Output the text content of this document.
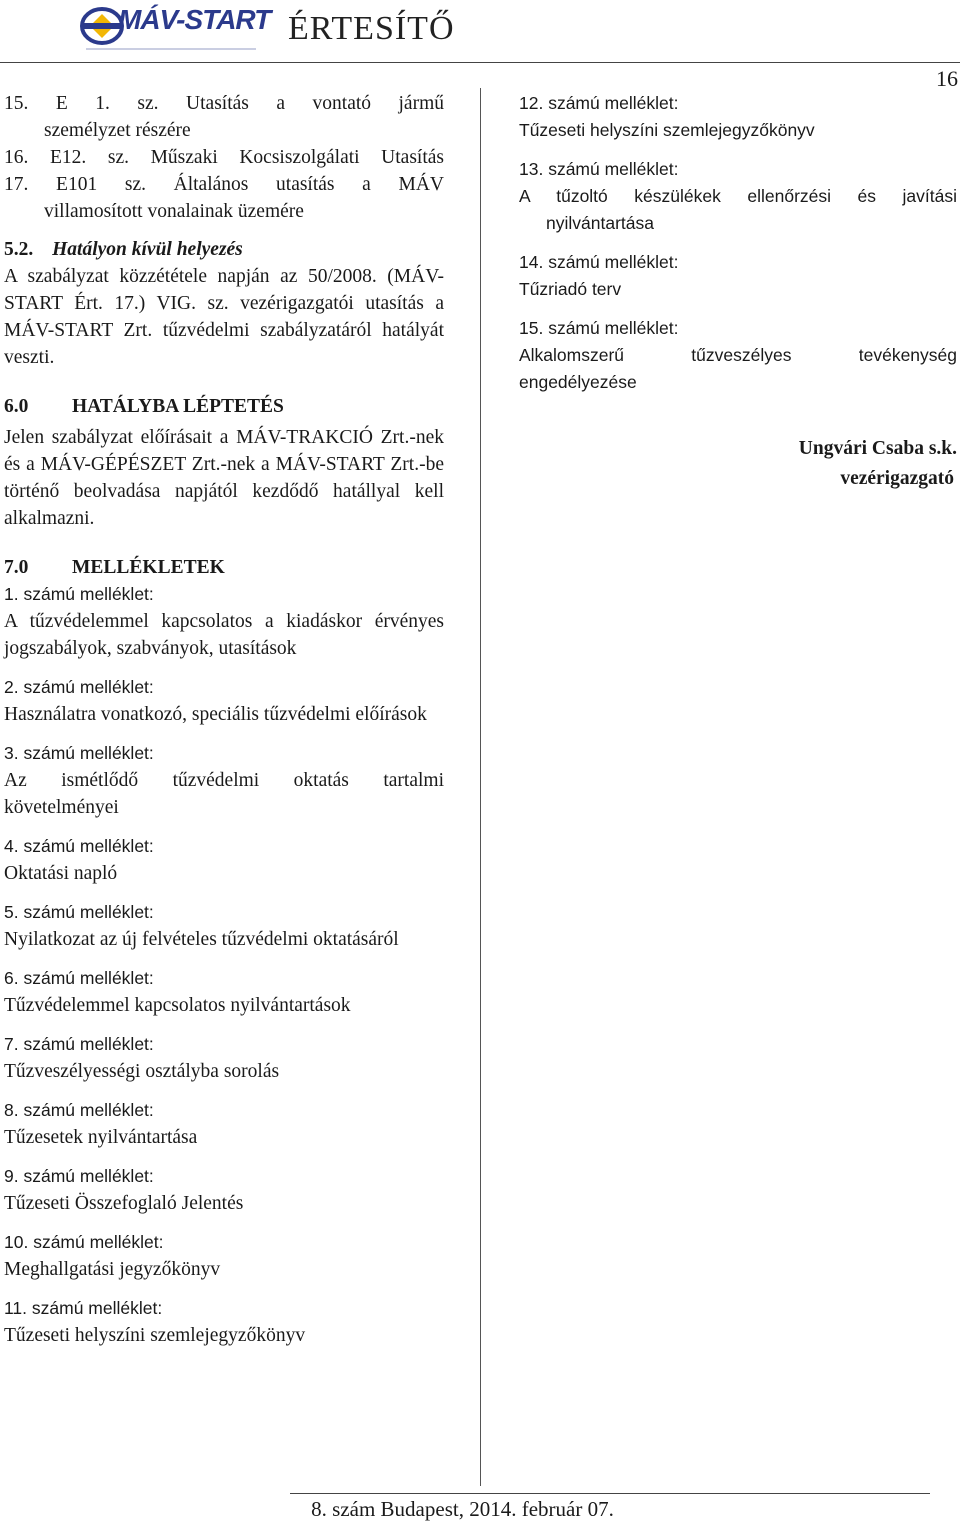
MÁV-START ÉRTESÍTŐ
16
15. E 1. sz. Utasítás a vontató jármű
személyzet részére
16. E12. sz. Műszaki Kocsiszolgálati Utasítás
17. E101 sz. Általános utasítás a MÁV
villamosított vonalainak üzemére
5.2. Hatályon kívül helyezés
A szabályzat közzététele napján az 50/2008. (MÁV-START Ért. 17.) VIG. sz. vezérigazgatói utasítás a MÁV-START Zrt. tűzvédelmi szabályzatáról hatályát veszti.
6.0 HATÁLYBA LÉPTETÉS
Jelen szabályzat előírásait a MÁV-TRAKCIÓ Zrt.-nek és a MÁV-GÉPÉSZET Zrt.-nek a MÁV-START Zrt.-be történő beolvadása napjától kezdődő hatállyal kell alkalmazni.
7.0 MELLÉKLETEK
1. számú melléklet:
A tűzvédelemmel kapcsolatos a kiadáskor érvényes jogszabályok, szabványok, utasítások
2. számú melléklet:
Használatra vonatkozó, speciális tűzvédelmi előírások
3. számú melléklet:
Az ismétlődő tűzvédelmi oktatás tartalmi követelményei
4. számú melléklet:
Oktatási napló
5. számú melléklet:
Nyilatkozat az új felvételes tűzvédelmi oktatásáról
6. számú melléklet:
Tűzvédelemmel kapcsolatos nyilvántartások
7. számú melléklet:
Tűzveszélyességi osztályba sorolás
8. számú melléklet:
Tűzesetek nyilvántartása
9. számú melléklet:
Tűzeseti Összefoglaló Jelentés
10. számú melléklet:
Meghallgatási jegyzőkönyv
11. számú melléklet:
Tűzeseti helyszíni szemlejegyzőkönyv
12. számú melléklet:
Tűzeseti helyszíni szemlejegyzőkönyv
13. számú melléklet:
A tűzoltó készülékek ellenőrzési és javítási
nyilvántartása
14. számú melléklet:
Tűzriadó terv
15. számú melléklet:
Alkalomszerű tűzveszélyes tevékenység
engedélyezése
Ungvári Csaba s.k.
vezérigazgató
8. szám Budapest, 2014. február 07.
